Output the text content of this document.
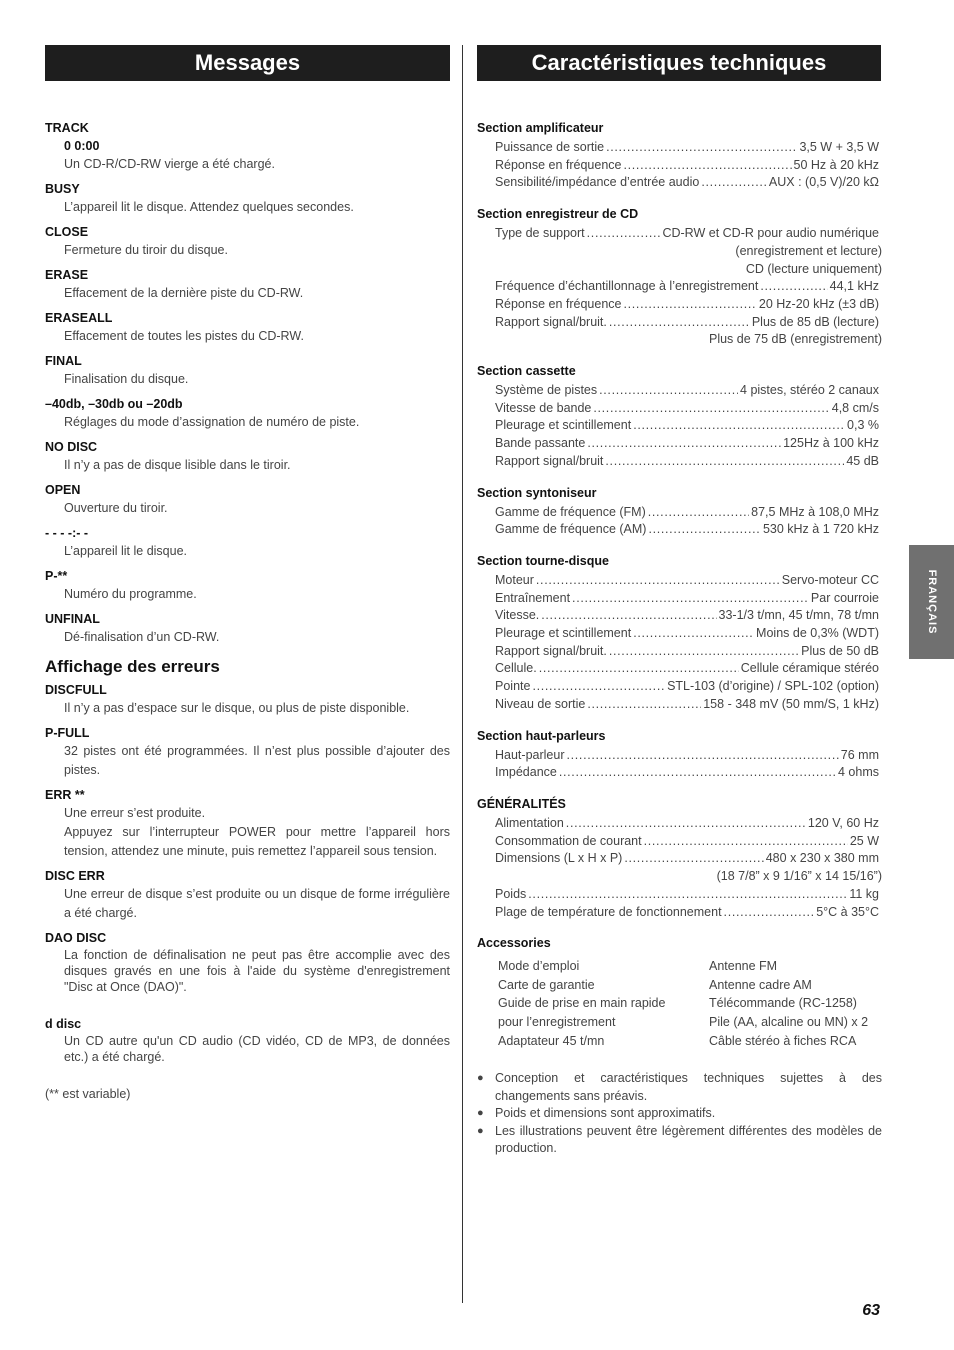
Messages	Caractéristiques techniques
FRANÇAIS
TRACK
0 0:00
Un CD-R/CD-RW vierge a été chargé.
BUSY
L’appareil lit le disque. Attendez quelques secondes.
CLOSE
Fermeture du tiroir du disque.
ERASE
Effacement de la dernière piste du CD-RW.
ERASEALL
Effacement de toutes les pistes du CD-RW.
FINAL
Finalisation du disque.
–40db, –30db ou –20db
Réglages du mode d’assignation de numéro de piste.
NO DISC
Il n’y a pas de disque lisible dans le tiroir.
OPEN
Ouverture du tiroir.
- - - -:- -
L’appareil lit le disque.
P-**
Numéro du programme.
UNFINAL
Dé-finalisation d’un CD-RW.
Affichage des erreurs
DISCFULL
Il n’y a pas d’espace sur le disque, ou plus de piste disponible.
P-FULL
32 pistes ont été programmées. Il n’est plus possible d’ajouter des pistes.
ERR **
Une erreur s’est produite.
Appuyez sur l’interrupteur POWER pour mettre l’appareil hors tension, attendez une minute, puis remettez l’appareil sous tension.
DISC ERR
Une erreur de disque s’est produite ou un disque de forme irrégulière a été chargé.
DAO DISC
La fonction de définalisation ne peut pas être accomplie avec des disques gravés en une fois à l'aide du système d'enregistrement "Disc at Once (DAO)".
d disc
Un CD autre qu'un CD audio (CD vidéo, CD de MP3, de données etc.) a été chargé.
(** est variable)
Section amplificateur
Puissance de sortie . . .	3,5 W + 3,5 W
Réponse en fréquence . . .	50 Hz à 20 kHz
Sensibilité/impédance d’entrée audio . . .	AUX : (0,5 V)/20 kΩ
Section enregistreur de CD
Type de support . . .	CD-RW et CD-R pour audio numérique
(enregistrement et lecture)
CD (lecture uniquement)
Fréquence d’échantillonnage à l’enregistrement . . .	44,1 kHz
Réponse en fréquence . . .	20 Hz-20 kHz (±3 dB)
Rapport signal/bruit. . . .	Plus de 85 dB (lecture)
Plus de 75 dB (enregistrement)
Section cassette
Système de pistes . . .	4 pistes, stéréo 2 canaux
Vitesse de bande . . .	4,8 cm/s
Pleurage et scintillement . . .	0,3 %
Bande passante . . .	125Hz à 100 kHz
Rapport signal/bruit . . .	45 dB
Section syntoniseur
Gamme de fréquence (FM) . . .	87,5 MHz à 108,0 MHz
Gamme de fréquence (AM) . . .	530 kHz à 1 720 kHz
Section tourne-disque
Moteur . . .	Servo-moteur CC
Entraînement . . .	Par courroie
Vitesse. . . .	33-1/3 t/mn, 45 t/mn, 78 t/mn
Pleurage et scintillement . . .	Moins de 0,3% (WDT)
Rapport signal/bruit. . . .	Plus de 50 dB
Cellule. . . .	Cellule céramique stéréo
Pointe . . .	STL-103 (d’origine) / SPL-102 (option)
Niveau de sortie . . .	158 - 348 mV (50 mm/S, 1 kHz)
Section haut-parleurs
Haut-parleur . . .	76 mm
Impédance . . .	4 ohms
GÉNÉRALITÉS
Alimentation . . .	120 V, 60 Hz
Consommation de courant . . .	25 W
Dimensions (L x H x P) . . .	480 x 230 x 380 mm
(18 7/8” x 9 1/16” x 14 15/16”)
Poids . . .	11 kg
Plage de température de fonctionnement . . .	5°C à 35°C
Accessories
Mode d’emploi	Antenne FM
Carte de garantie	Antenne cadre AM
Guide de prise en main rapide	Télécommande (RC-1258)
pour l’enregistrement	Pile (AA, alcaline ou MN) x 2
Adaptateur 45 t/mn	Câble stéréo à fiches RCA
● Conception et caractéristiques techniques sujettes à des changements sans préavis.
● Poids et dimensions sont approximatifs.
● Les illustrations peuvent être légèrement différentes des modèles de production.
63
